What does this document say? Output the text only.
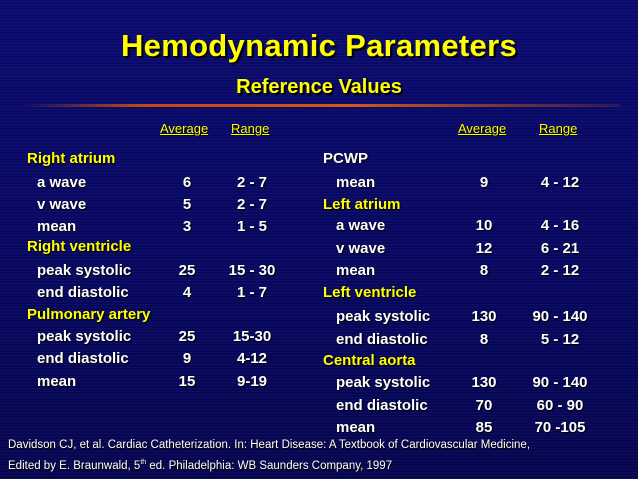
Hemodynamic Parameters
Reference Values
Average Range	Average	Range
Right atrium
a wave	6	2 - 7
v wave	5	2 - 7
mean	3	1 - 5
Right ventricle
peak systolic	25	15 - 30
end diastolic	4	1 - 7
Pulmonary artery
peak systolic	25	15-30
end diastolic	9	4-12
mean	15	9-19
PCWP
mean	9	4 - 12
Left atrium
a wave	10	4 - 16
v wave	12	6 - 21
mean	8	2 - 12
Left ventricle
peak systolic	130	90 - 140
end diastolic	8	5 - 12
Central aorta
peak systolic	130	90 - 140
end diastolic	70	60 - 90
mean	85	70 -105
Davidson CJ, et al. Cardiac Catheterization. In: Heart Disease: A Textbook of Cardiovascular Medicine,
Edited by E. Braunwald, 5th ed. Philadelphia: WB Saunders Company, 1997
